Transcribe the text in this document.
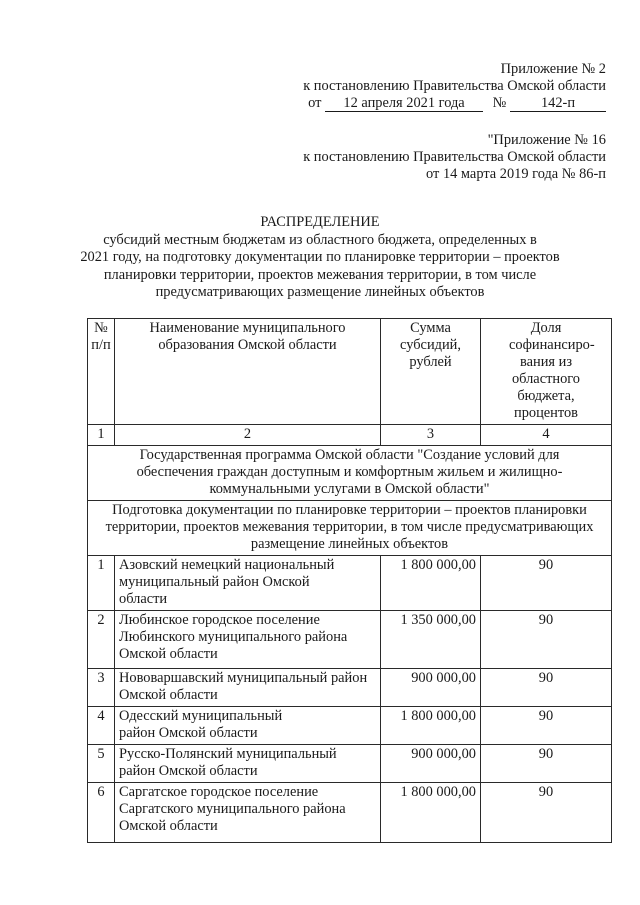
Приложение № 2
к постановлению Правительства Омской области
от 12 апреля 2021 года № 142-п
"Приложение № 16
к постановлению Правительства Омской области
от 14 марта 2019 года № 86-п
РАСПРЕДЕЛЕНИЕ
субсидий местным бюджетам из областного бюджета, определенных в
2021 году, на подготовку документации по планировке территории – проектов
планировки территории, проектов межевания территории, в том числе
предусматривающих размещение линейных объектов
№ п/п	Наименование муниципального образования Омской области	Сумма субсидий, рублей	Доля софинансиро-вания из областного бюджета, процентов
1	2	3	4
Государственная программа Омской области "Создание условий для обеспечения граждан доступным и комфортным жильем и жилищно-коммунальными услугами в Омской области"			
Подготовка документации по планировке территории – проектов планировки территории, проектов межевания территории, в том числе предусматривающих размещение линейных объектов			
1	Азовский немецкий национальный муниципальный район Омской области	1 800 000,00	90
2	Любинское городское поселение Любинского муниципального района Омской области	1 350 000,00	90
3	Нововаршавский муниципальный район Омской области	900 000,00	90
4	Одесский муниципальный район Омской области	1 800 000,00	90
5	Русско-Полянский муниципальный район Омской области	900 000,00	90
6	Саргатское городское поселение Саргатского муниципального района Омской области	1 800 000,00	90
